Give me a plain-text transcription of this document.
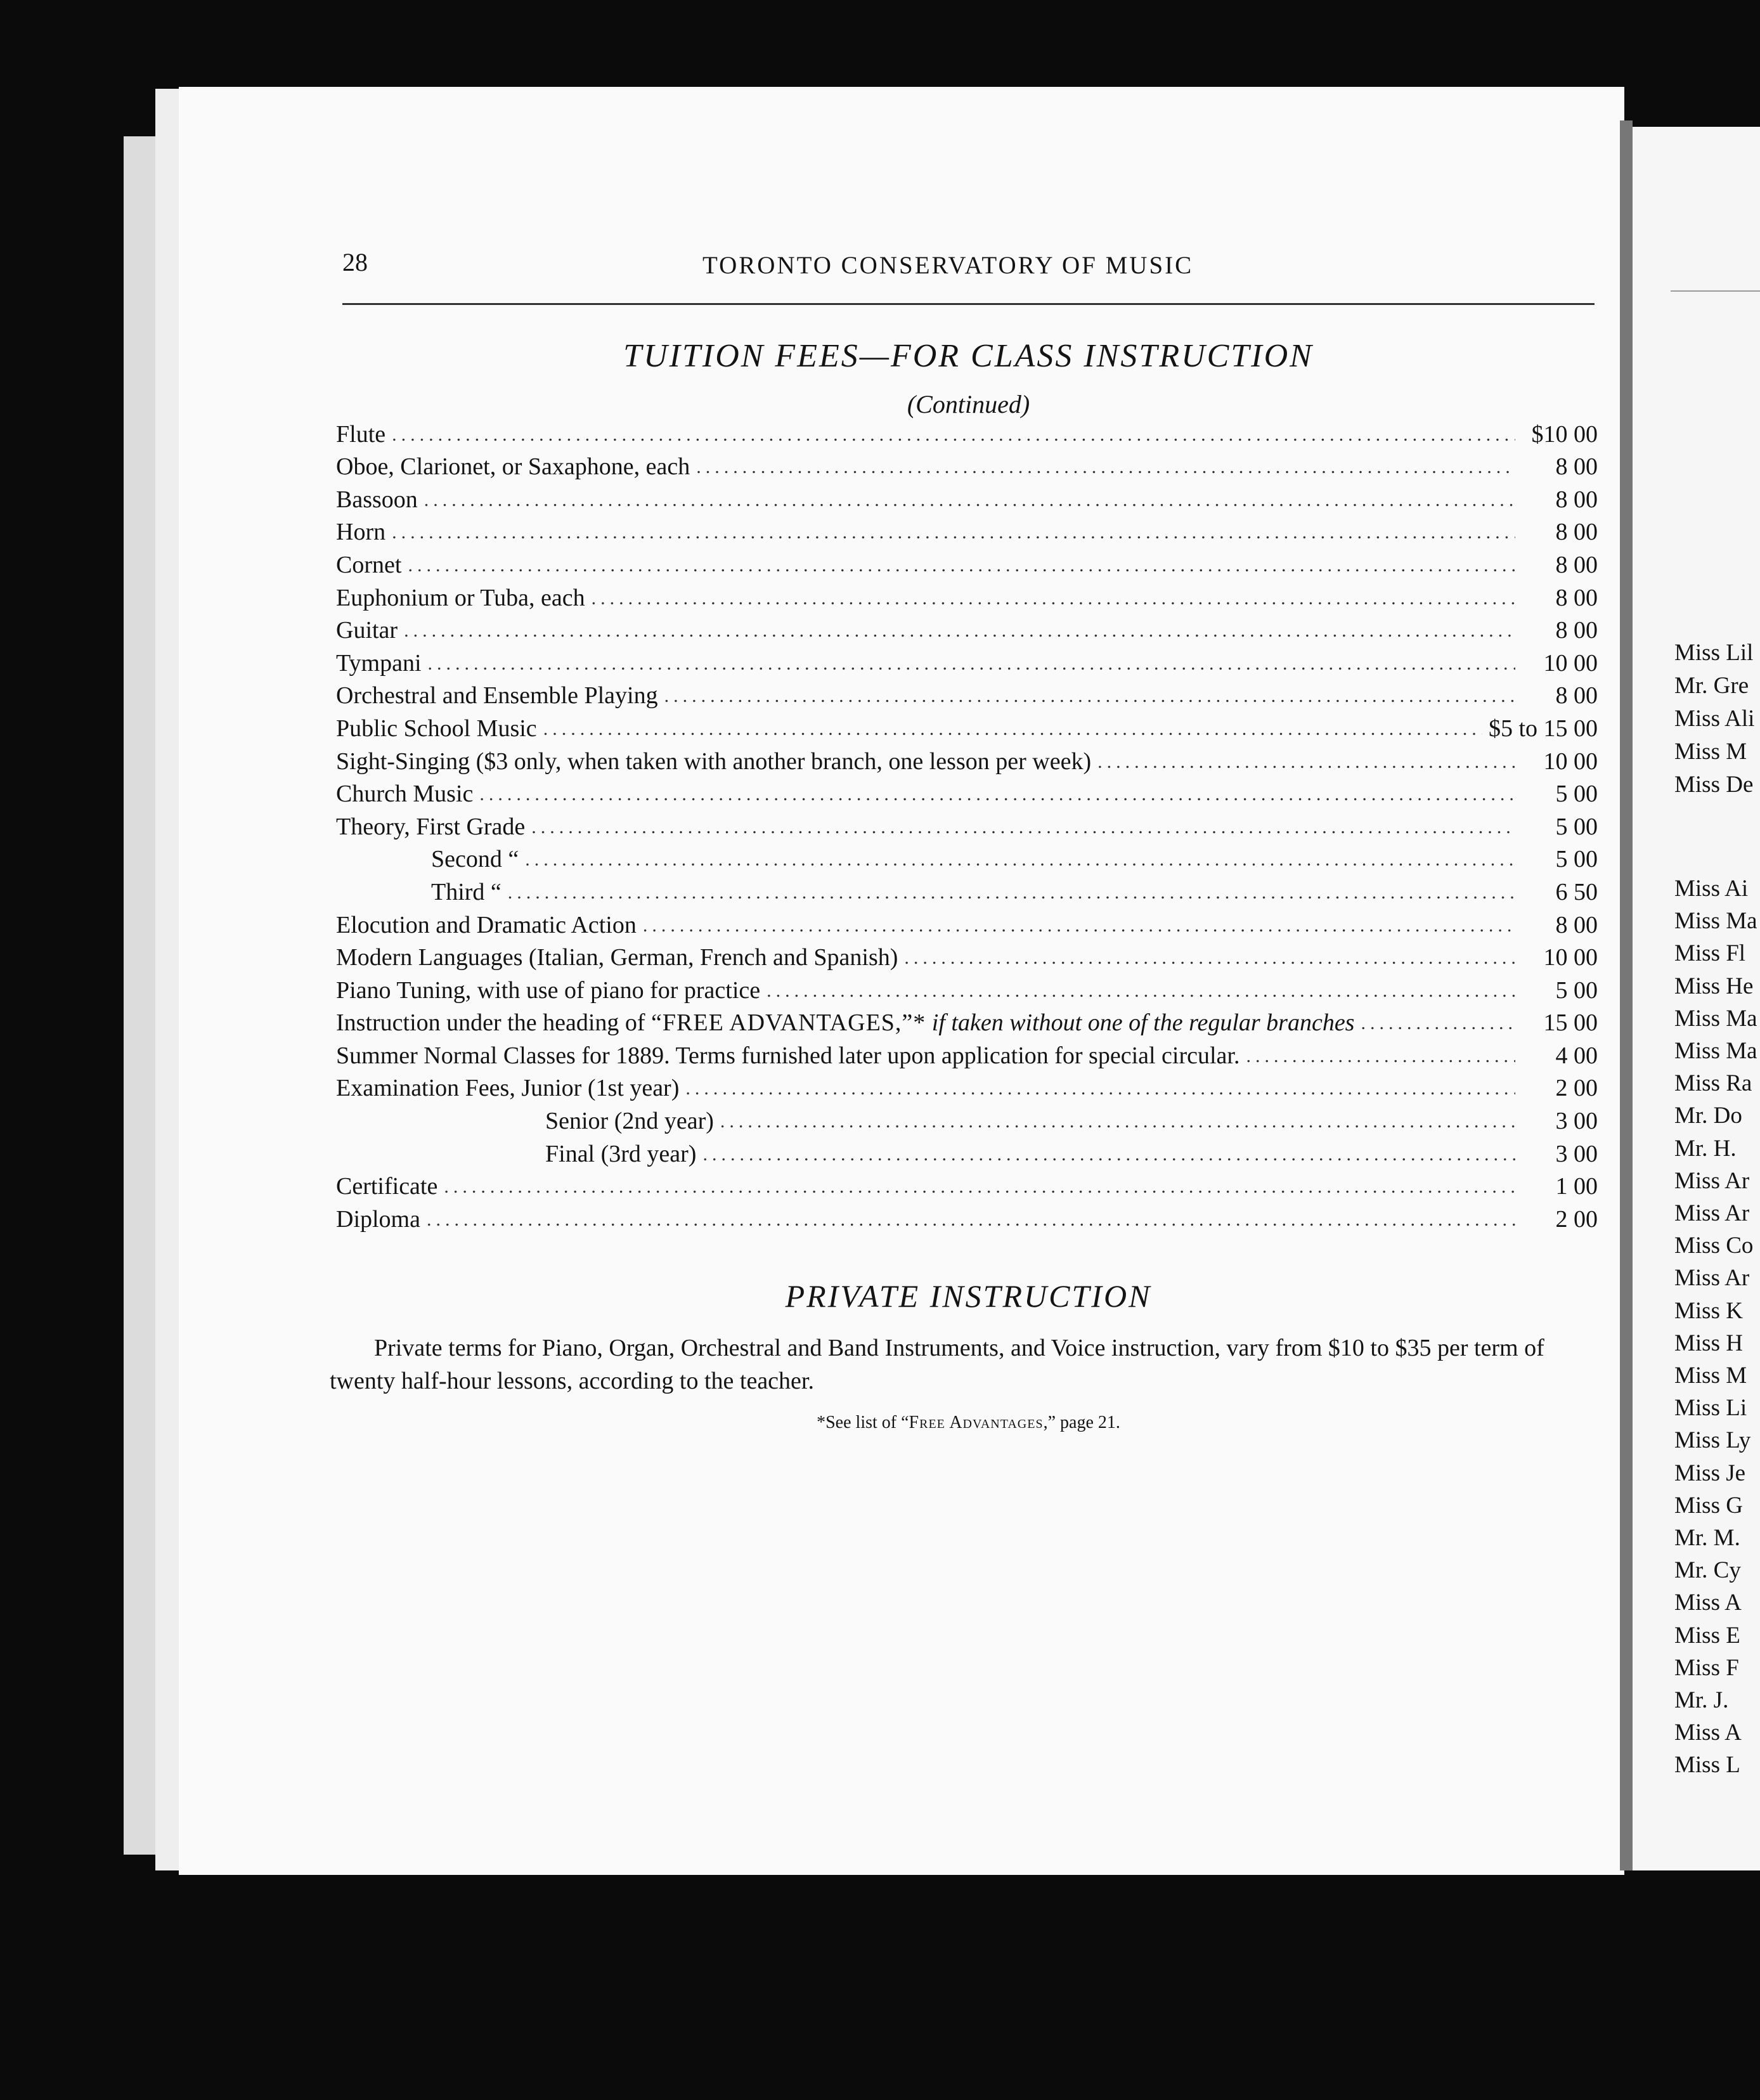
Miss Lil
Mr. Gre
Miss Ali
Miss M
Miss De
Miss Ai
Miss Ma
Miss Fl
Miss He
Miss Ma
Miss Ma
Miss Ra
Mr. Do
Mr. H.
Miss Ar
Miss Ar
Miss Co
Miss Ar
Miss K
Miss H
Miss M
Miss Li
Miss Ly
Miss Je
Miss G
Mr. M.
Mr. Cy
Miss A
Miss E
Miss F
Mr. J.
Miss A
Miss L
28	TORONTO CONSERVATORY OF MUSIC
TUITION FEES—FOR CLASS INSTRUCTION
(Continued)
Flute .....	$10 00
Oboe, Clarionet, or Saxaphone, each .....	8 00
Bassoon .....	8 00
Horn .....	8 00
Cornet .....	8 00
Euphonium or Tuba, each .....	8 00
Guitar .....	8 00
Tympani .....	10 00
Orchestral and Ensemble Playing .....	8 00
Public School Music .....	$5 to 15 00
Sight-Singing ($3 only, when taken with another branch, one lesson per week) .....	10 00
Church Music .....	5 00
Theory, First Grade .....	5 00
Second “ .....	5 00
Third “ .....	6 50
Elocution and Dramatic Action .....	8 00
Modern Languages (Italian, German, French and Spanish) .....	10 00
Piano Tuning, with use of piano for practice .....	5 00
Instruction under the heading of “FREE ADVANTAGES,”* if taken without one of the regular branches .....	15 00
Summer Normal Classes for 1889. Terms furnished later upon application for special circular. .....	4 00
Examination Fees, Junior (1st year) .....	2 00
Senior (2nd year) .....	3 00
Final (3rd year) .....	3 00
Certificate .....	1 00
Diploma .....	2 00
PRIVATE INSTRUCTION
Private terms for Piano, Organ, Orchestral and Band Instruments, and Voice instruction, vary from $10 to $35 per term of twenty half-hour lessons, according to the teacher.
*See list of “Free Advantages,” page 21.
